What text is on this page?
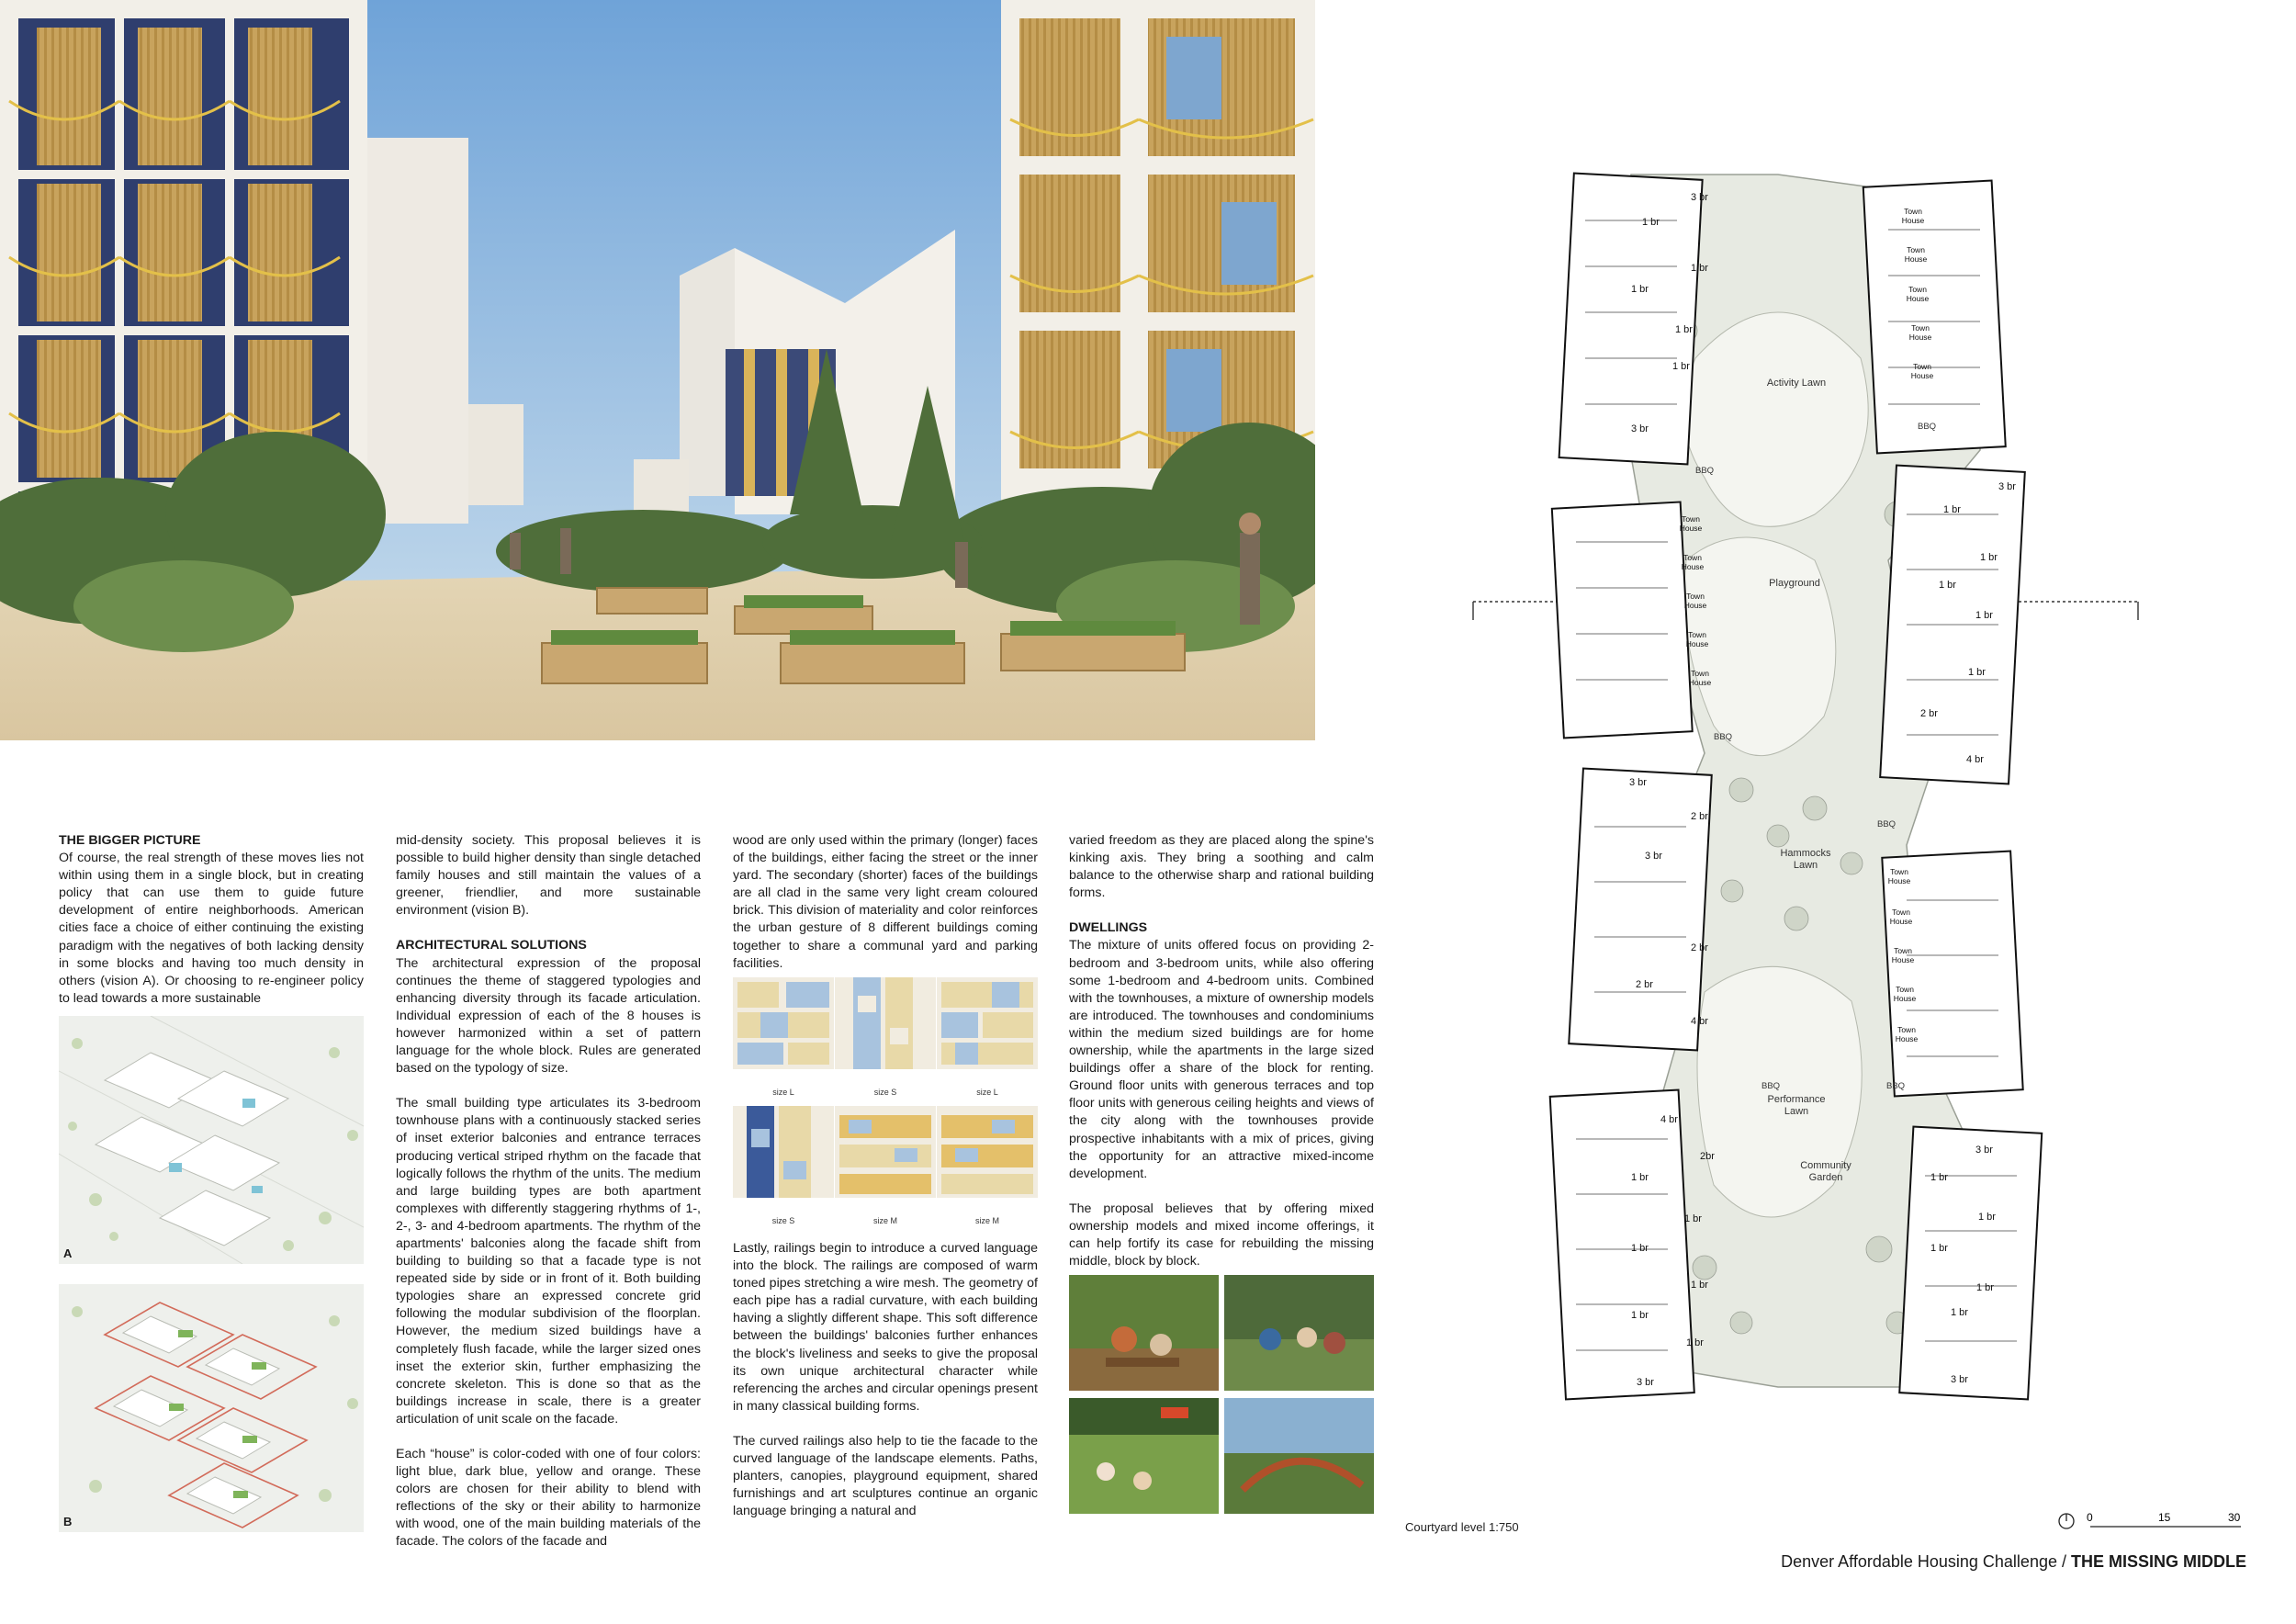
THE BIGGER PICTURE

Of course, the real strength of these moves lies not within using them in a single block, but in creating policy that can use them to guide future development of entire neighborhoods. American cities face a choice of either continuing the existing paradigm with the negatives of both lacking density in some blocks and having too much density in others (vision A). Or choosing to re-engineer policy to lead towards a more sustainable

A
B

mid-density society. This proposal believes it is possible to build higher density than single detached family houses and still maintain the values of a greener, friendlier, and more sustainable environment (vision B).

ARCHITECTURAL SOLUTIONS

The architectural expression of the proposal continues the theme of staggered typologies and enhancing diversity through its facade articulation. Individual expression of each of the 8 houses is however harmonized within a set of pattern language for the whole block. Rules are generated based on the typology of size.

The small building type articulates its 3-bedroom townhouse plans with a continuously stacked series of inset exterior balconies and entrance terraces producing vertical striped rhythm on the facade that logically follows the rhythm of the units. The medium and large building types are both apartment complexes with differently staggering rhythms of 1-, 2-, 3- and 4-bedroom apartments. The rhythm of the apartments' balconies along the facade shift from building to building so that a facade type is not repeated side by side or in front of it. Both building typologies share an expressed concrete grid following the modular subdivision of the floorplan. However, the medium sized buildings have a completely flush facade, while the larger sized ones inset the exterior skin, further emphasizing the concrete skeleton. This is done so that as the buildings increase in scale, there is a greater articulation of unit scale on the facade.

Each “house” is color-coded with one of four colors: light blue, dark blue, yellow and orange. These colors are chosen for their ability to blend with reflections of the sky or their ability to harmonize with wood, one of the main building materials of the facade. The colors of the facade and

wood are only used within the primary (longer) faces of the buildings, either facing the street or the inner yard. The secondary (shorter) faces of the buildings are all clad in the same very light cream coloured brick. This division of materiality and color reinforces the urban gesture of 8 different buildings coming together to share a communal yard and parking facilities.

size L	size S	size L
size S	size M	size M

Lastly, railings begin to introduce a curved language into the block. The railings are composed of warm toned pipes stretching a wire mesh. The geometry of each pipe has a radial curvature, with each building having a slightly different shape. This soft difference between the buildings' balconies further enhances the block's liveliness and seeks to give the proposal its own unique architectural character while referencing the arches and circular openings present in many classical building forms.

The curved railings also help to tie the facade to the curved language of the landscape elements. Paths, planters, canopies, playground equipment, shared furnishings and art sculptures continue an organic language bringing a natural and

varied freedom as they are placed along the spine's kinking axis. They bring a soothing and calm balance to the otherwise sharp and rational building forms.

DWELLINGS

The mixture of units offered focus on providing 2-bedroom and 3-bedroom units, while also offering some 1-bedroom and 4-bedroom units. Combined with the townhouses, a mixture of ownership models are introduced. The townhouses and condominiums within the medium sized buildings are for home ownership, while the apartments in the large sized buildings offer a share of the block for renting. Ground floor units with generous terraces and top floor units with generous ceiling heights and views of the city along with the townhouses provide prospective inhabitants with a mix of prices, giving the opportunity for an attractive mixed-income development.

The proposal believes that by offering mixed ownership models and mixed income offerings, it can help fortify its case for rebuilding the missing middle, block by block.

Activity Lawn
Playground
Hammocks
Lawn
Performance
Lawn
Community
Garden
BBQ
BBQ
BBQ
BBQ
BBQ	BBQ
Town
House
Town
House
Town
House
Town
House
Town
House
Town
House
Town
House
Town
House
Town
House
Town
House
Town
House
Town
House
Town
House
Town
House
Town
House
3 br
1 br
1 br
1 br
1 br
1 br
3 br
3 br
1 br
1 br
1 br
1 br
1 br
2 br
4 br
3 br
2 br
3 br
2 br
2 br
4 br
4 br
2br
1 br
1 br
1 br
1 br
1 br
1 br
3 br
3 br
1 br
1 br
1 br
1 br
1 br
3 br
Courtyard level 1:750
0	15	30
Denver Affordable Housing Challenge / THE MISSING MIDDLE
